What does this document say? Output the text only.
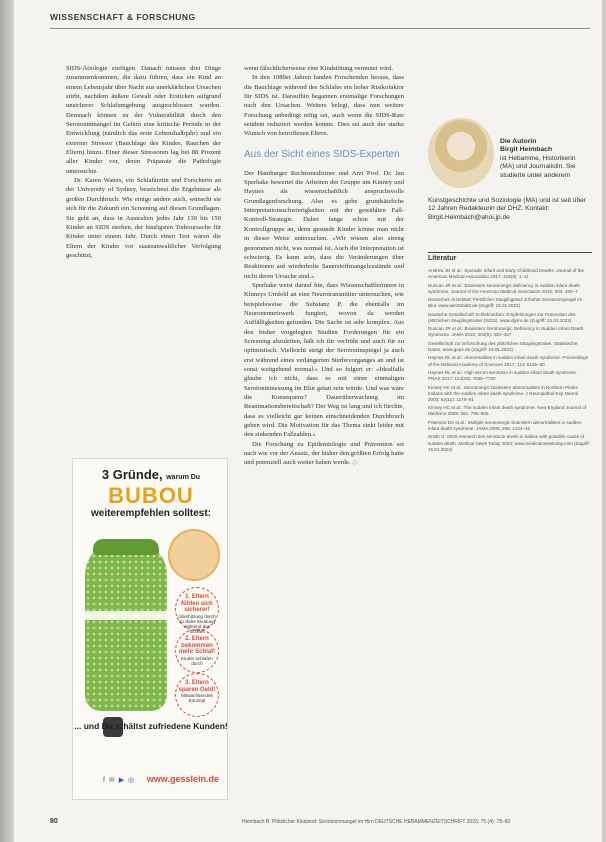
WISSENSCHAFT & FORSCHUNG

SIDS-Ätiologie einfügen. Danach müssen drei Dinge zusammenkommen, die dazu führen, dass ein Kind an einem Lebensjahr über Nacht aus unerklärlichen Ursachen stirbt, nachdem äußere Gewalt oder Ersticken aufgrund unsicherer Schlafumgebung ausgeschlossen wurden. Demnach können zu der Vulnerabilität durch den Serotoninmangel im Gehirn eine kritische Periode in der Entwicklung (nämlich das erste Lebenshalbjahr) und ein externer Stressor (Bauchlage des Kindes, Rauchen der Eltern) hinzu. Einer dieser Stressoren lag bei 88 Prozent aller Kinder vor, deren Präparate die Pathologie untersuchte.

Dr. Karen Waters, ein Schlafärztin und Forscherin an der University of Sydney, bezeichnet die Ergebnisse als großen Durchbruch. Wie einige andere auch, wünscht sie sich für die Zukunft ein Screening auf diesen Grundlagen. Sie geht an, dass in Australien jedes Jahr 130 bis 150 Kinder an SIDS sterben, der häufigsten Todesursache für Kinder unter einem Jahr. Durch einen Test wären die Eltern der Kinder vor staatsanwaltlicher Verfolgung geschützt,

wenn fälschlicherweise eine Kindstötung vermutet wird.

In den 1980er Jahren fanden Forschenden heraus, dass die Bauchlage während des Schlafes ein hoher Risikofaktor für SIDS ist. Daraufhin begannen erstmalige Forschungen nach den Ursachen. Weiters belegt, dass nun weitere Forschung unbedingt nötig sei, auch wenn die SIDS-Rate seitdem reduziert werden konnte. Dies sei auch der starke Wunsch von betroffenen Eltern.

Aus der Sicht eines SIDS-Experten

Der Hamburger Rechtsmediziner und Arzt Prof. Dr. Jan Sperhake bewertet die Arbeiten der Gruppe um Kinney und Haynes als wissenschaftlich anspruchsvolle Grundlagenforschung. Also es gebe grundsätzliche Interpretationsschwierigkeiten mit der gewählten Fall-Kontroll-Strategie. Dabei fange schon mit der Kontrollgruppe an, denn gesunde Kinder könne man nicht in dieser Weise untersuchen. »Wir wissen also streng genommen nicht, was normal ist. Auch die Interpretation ist schwierig. Es kann sein, dass die Veränderungen über Reaktionen auf wiederholte Sauerstoffmangelzustände und nicht deren Ursache sind.«

Sperhake weist darauf hin, dass Wissenschaftlerinnen in Kinneys Umfeld an eine Neurotransmitter untersuchen, wie beispielsweise die Substanz P, die ebenfalls im Neuronennetzwerk fungiert, wovon da werden Auffälligkeiten gefunden. Die Sache ist sehr komplex. Aus den bisher vorgelegten Studien Forderungen für ein Screening abzuleiten, hält ich für verfrüht und auch für zu optimistisch. Vielleicht steigt der Serotoninspiegel ja auch erst während eines verlängerten Sterbevorganges an und ist sonst weitgehend normal.« Und so folgert er: »Idealfalls glaube ich nicht, dass es mit einer einmaligen Serotoninmessung im Blut getan sein würde. Und was wäre die Konsequenz? Dauerüberwachung im Reanimationsbereitschaft? Der Weg ist lang und ich fürchte, dass es vielleicht gar keinen einschneidenden Durchbruch geben wird. Die Motivation für das Thema sinkt leider mit den sinkenden Fallzahlen.«

Die Forschung zu Epidemiologie und Prävention sei nach wie vor der Ansatz, der bisher den größten Erfolg hatte und potenziell auch weiter haben werde. ◇

3 Gründe, warum Du
BUBOU
weiterempfehlen solltest:
1. Eltern fühlen sich sicherer!
Überhitzung durch zu dicke Kleidung während des Schlafs
2. Eltern bekommen mehr Schlaf!
Kinder schlafen durch
3. Eltern sparen Geld!
Mitwachsendes Konzept
... und Du erhältst zufriedene Kunden!
f ✉ ▶ ◎ www.gesslein.de
Die Autorin
Birgit Heimbach
ist Hebamme, Historikerin (MA) und Journalistin. Sie studierte unter anderem
Kunstgeschichte und Soziologie (MA) und ist seit über 12 Jahren Redakteurin der DHZ. Kontakt: Birgit.Heimbach@ahoi.jp.de
Literatur
Andrew JD et al.: Sporadic Infant and Early Childhood Deaths. Journal of the American Medical Association 2017; 418(9): 1–11
Duncan JR et al.: Brainstem serotonergic deficiency in sudden infant death syndrome. Journal of the American Medical Association 2010; 303: 430–7
Deutsches Ärzteblatt: Plötzlicher Säuglingstod: Erhöhte Serotoninspiegel im Blut. www.aerzteblatt.de (Zugriff: 19.01.2023)
Deutsche Gesellschaft Schlafmedizin: Empfehlungen zur Prävention des plötzlichen Säuglingstodes (SIDS). www.dgsm.de (Zugriff: 23.03.2023)
Duncan JR et al.: Brainstem Serotonergic Deficiency in Sudden Infant Death Syndrome. JAMA 2010; 303(5): 430–437
Gesellschaft zur Erforschung des plötzlichen Säuglingstodes: Statistische Daten. www.geps.de (Zugriff: 19.01.2023)
Haynes RL et al.: Abnormalities in sudden infant death syndrome. Proceedings of the National Academy of Sciences 2017; 114: 5125–30
Haynes RL et al.: High serum serotonin in sudden infant death syndrome. PNAS 2017; 114(29): 7695–7700
Kinney HC et al.: Serotonergic brainstem abnormalities in Northern Plains Indians with the sudden infant death syndrome. J Neuropathol Exp Neurol 2003; 62(11): 1178–91
Kinney HC et al.: The sudden infant death syndrome. New England Journal of Medicine 2009; 361: 795–805
Paterson DS et al.: Multiple serotonergic brainstem abnormalities in sudden infant death syndrome. JAMA 2006; 296: 2124–32
Smith U: SIDS research ties serotonin levels in babies with possible cause of sudden death. Medical News Today 2023; www.medicalnewstoday.com (Zugriff: 19.01.2023)
80	Heimbach B: Plötzlicher Kindstod: Serotoninmangel im Hirn DEUTSCHE HEBAMMENZEITSCHRIFT 2023; 75 (4): 78–80
